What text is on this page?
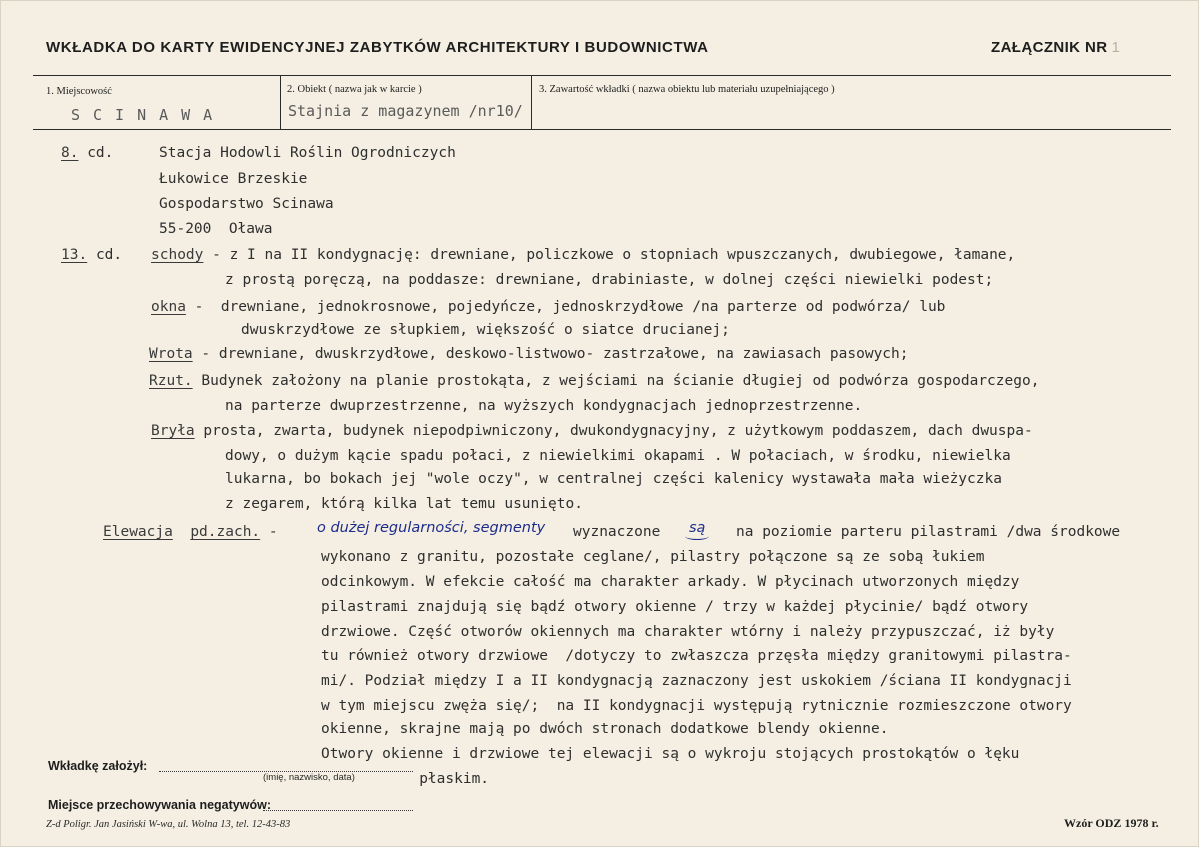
WKŁADKA DO KARTY EWIDENCYJNEJ ZABYTKÓW ARCHITEKTURY I BUDOWNICTWA	ZAŁĄCZNIK NR 1
1. Miejscowość	2. Obiekt ( nazwa jak w karcie )	3. Zawartość wkładki ( nazwa obiektu lub materiału uzupełniającego )
SCINAWA	Stajnia z magazynem /nr10/
8. cd.	Stacja Hodowli Roślin Ogrodniczych
Łukowice Brzeskie
Gospodarstwo Scinawa
55-200  Oława
13. cd. schody - z I na II kondygnację: drewniane, policzkowe o stopniach wpuszczanych, dwubiegowe, łamane,
z prostą poręczą, na poddasze: drewniane, drabiniaste, w dolnej części niewielki podest;
okna -  drewniane, jednokrosnowe, pojedyńcze, jednoskrzydłowe /na parterze od podwórza/ lub
dwuskrzydłowe ze słupkiem, większość o siatce drucianej;
Wrota - drewniane, dwuskrzydłowe, deskowo-listwowo- zastrzałowe, na zawiasach pasowych;
Rzut. Budynek założony na planie prostokąta, z wejściami na ścianie długiej od podwórza gospodarczego,
na parterze dwuprzestrzenne, na wyższych kondygnacjach jednoprzestrzenne.
Bryła prosta, zwarta, budynek niepodpiwniczony, dwukondygnacyjny, z użytkowym poddaszem, dach dwuspa-
dowy, o dużym kącie spadu połaci, z niewielkimi okapami . W połaciach, w środku, niewielka
lukarna, bo bokach jej "wole oczy", w centralnej części kalenicy wystawała mała wieżyczka
z zegarem, którą kilka lat temu usunięto.
Elewacja pd.zach. -	o dużej regularności, segmenty wyznaczone są na poziomie parteru pilastrami /dwa środkowe
wykonano z granitu, pozostałe ceglane/, pilastry połączone są ze sobą łukiem
odcinkowym. W efekcie całość ma charakter arkady. W płycinach utworzonych między
pilastrami znajdują się bądź otwory okienne / trzy w każdej płycinie/ bądź otwory
drzwiowe. Część otworów okiennych ma charakter wtórny i należy przypuszczać, iż były
tu również otwory drzwiowe  /dotyczy to zwłaszcza przęsła między granitowymi pilastra-
mi/. Podział między I a II kondygnacją zaznaczony jest uskokiem /ściana II kondygnacji
w tym miejscu zwęża się/;  na II kondygnacji występują rytnicznie rozmieszczone otwory
okienne, skrajne mają po dwóch stronach dodatkowe blendy okienne.
Otwory okienne i drzwiowe tej elewacji są o wykroju stojących prostokątów o łęku
płaskim.
Wkładkę założył:
(imię, nazwisko, data)
Miejsce przechowywania negatywów:
Z-d Poligr. Jan Jasiński W-wa, ul. Wolna 13, tel. 12-43-83	Wzór ODZ 1978 r.
